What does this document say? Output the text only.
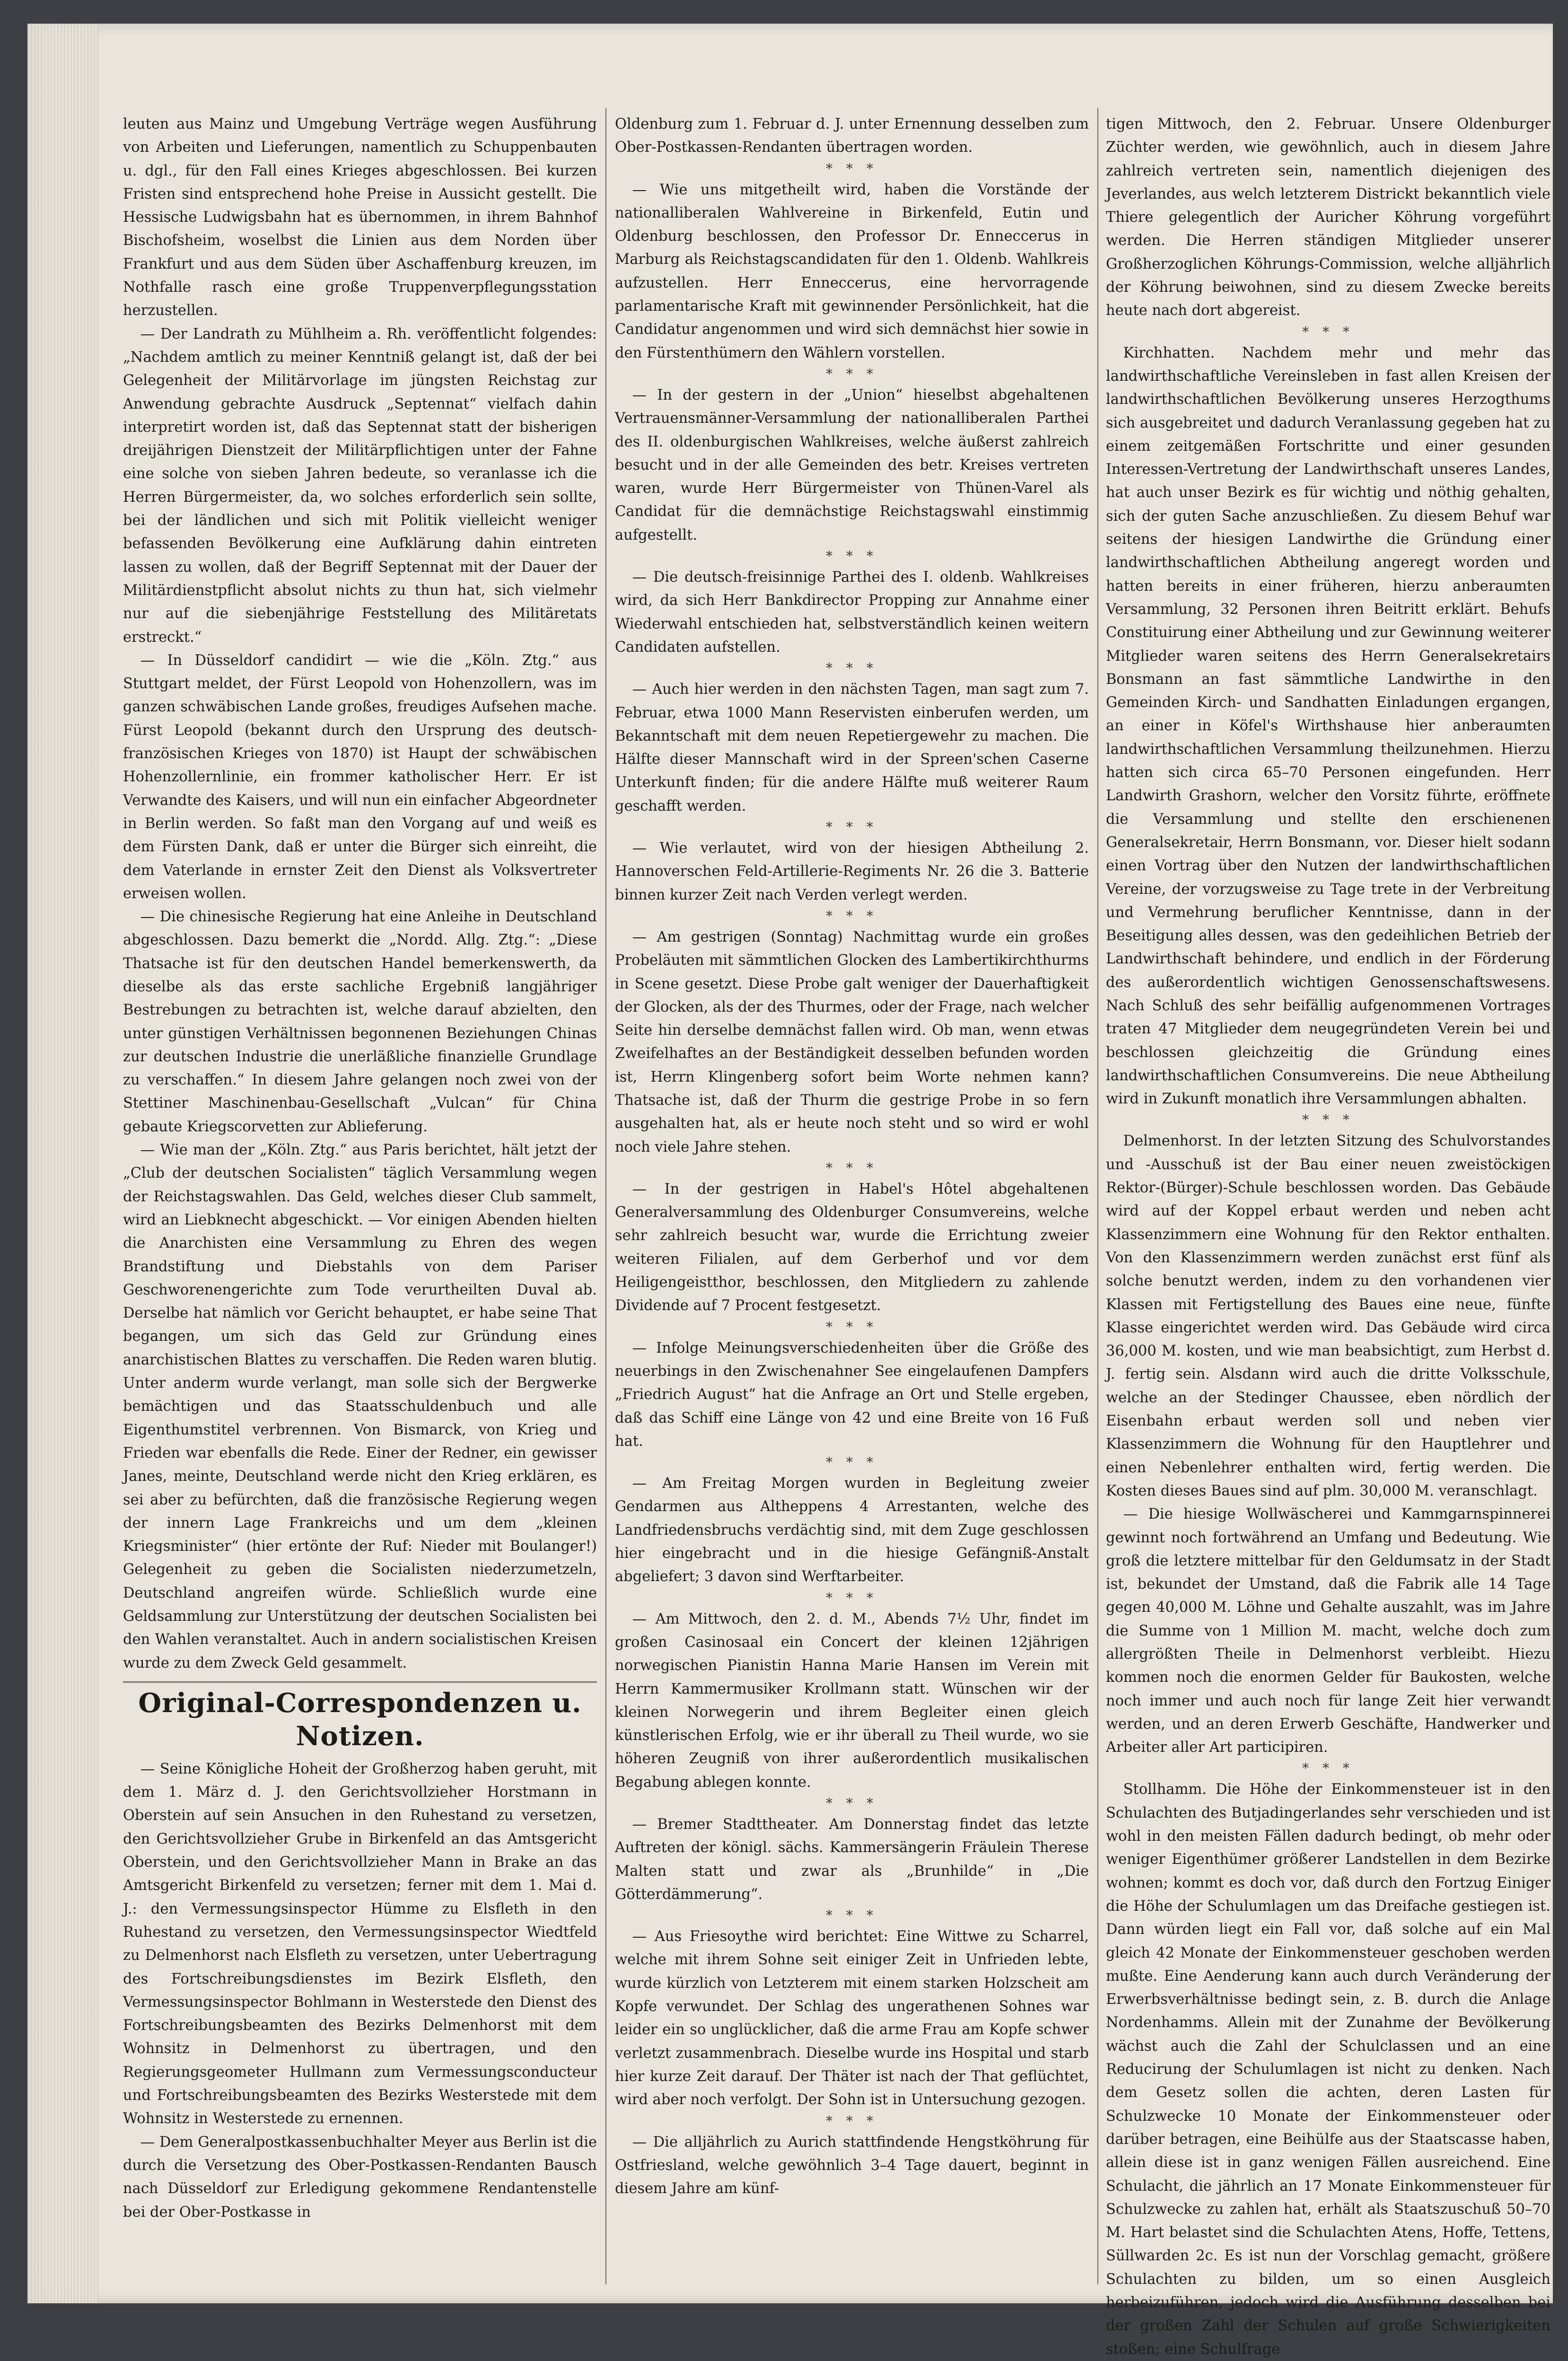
leuten aus Mainz und Umgebung Verträge wegen Ausführung von Arbeiten und Lieferungen, namentlich zu Schuppenbauten u. dgl., für den Fall eines Krieges abgeschlossen. Bei kurzen Fristen sind entsprechend hohe Preise in Aussicht gestellt. Die Hessische Ludwigsbahn hat es übernommen, in ihrem Bahnhof Bischofsheim, woselbst die Linien aus dem Norden über Frankfurt und aus dem Süden über Aschaffenburg kreuzen, im Nothfalle rasch eine große Truppenverpflegungsstation herzustellen.

— Der Landrath zu Mühlheim a. Rh. veröffentlicht folgendes: „Nachdem amtlich zu meiner Kenntniß gelangt ist, daß der bei Gelegenheit der Militärvorlage im jüngsten Reichstag zur Anwendung gebrachte Ausdruck „Septennat“ vielfach dahin interpretirt worden ist, daß das Septennat statt der bisherigen dreijährigen Dienstzeit der Militärpflichtigen unter der Fahne eine solche von sieben Jahren bedeute, so veranlasse ich die Herren Bürgermeister, da, wo solches erforderlich sein sollte, bei der ländlichen und sich mit Politik vielleicht weniger befassenden Bevölkerung eine Aufklärung dahin eintreten lassen zu wollen, daß der Begriff Septennat mit der Dauer der Militärdienstpflicht absolut nichts zu thun hat, sich vielmehr nur auf die siebenjährige Feststellung des Militäretats erstreckt.“

— In Düsseldorf candidirt — wie die „Köln. Ztg.“ aus Stuttgart meldet, der Fürst Leopold von Hohenzollern, was im ganzen schwäbischen Lande großes, freudiges Aufsehen mache. Fürst Leopold (bekannt durch den Ursprung des deutsch-französischen Krieges von 1870) ist Haupt der schwäbischen Hohenzollernlinie, ein frommer katholischer Herr. Er ist Verwandte des Kaisers, und will nun ein einfacher Abgeordneter in Berlin werden. So faßt man den Vorgang auf und weiß es dem Fürsten Dank, daß er unter die Bürger sich einreiht, die dem Vaterlande in ernster Zeit den Dienst als Volksvertreter erweisen wollen.

— Die chinesische Regierung hat eine Anleihe in Deutschland abgeschlossen. Dazu bemerkt die „Nordd. Allg. Ztg.“: „Diese Thatsache ist für den deutschen Handel bemerkenswerth, da dieselbe als das erste sachliche Ergebniß langjähriger Bestrebungen zu betrachten ist, welche darauf abzielten, den unter günstigen Verhältnissen begonnenen Beziehungen Chinas zur deutschen Industrie die unerläßliche finanzielle Grundlage zu verschaffen.“ In diesem Jahre gelangen noch zwei von der Stettiner Maschinenbau-Gesellschaft „Vulcan“ für China gebaute Kriegscorvetten zur Ablieferung.

— Wie man der „Köln. Ztg.“ aus Paris berichtet, hält jetzt der „Club der deutschen Socialisten“ täglich Versammlung wegen der Reichstagswahlen. Das Geld, welches dieser Club sammelt, wird an Liebknecht abgeschickt. — Vor einigen Abenden hielten die Anarchisten eine Versammlung zu Ehren des wegen Brandstiftung und Diebstahls von dem Pariser Geschworenengerichte zum Tode verurtheilten Duval ab. Derselbe hat nämlich vor Gericht behauptet, er habe seine That begangen, um sich das Geld zur Gründung eines anarchistischen Blattes zu verschaffen. Die Reden waren blutig. Unter anderm wurde verlangt, man solle sich der Bergwerke bemächtigen und das Staatsschuldenbuch und alle Eigenthumstitel verbrennen. Von Bismarck, von Krieg und Frieden war ebenfalls die Rede. Einer der Redner, ein gewisser Janes, meinte, Deutschland werde nicht den Krieg erklären, es sei aber zu befürchten, daß die französische Regierung wegen der innern Lage Frankreichs und um dem „kleinen Kriegsminister“ (hier ertönte der Ruf: Nieder mit Boulanger!) Gelegenheit zu geben die Socialisten niederzumetzeln, Deutschland angreifen würde. Schließlich wurde eine Geldsammlung zur Unterstützung der deutschen Socialisten bei den Wahlen veranstaltet. Auch in andern socialistischen Kreisen wurde zu dem Zweck Geld gesammelt.

Original-Correspondenzen u. Notizen.

— Seine Königliche Hoheit der Großherzog haben geruht, mit dem 1. März d. J. den Gerichtsvollzieher Horstmann in Oberstein auf sein Ansuchen in den Ruhestand zu versetzen, den Gerichtsvollzieher Grube in Birkenfeld an das Amtsgericht Oberstein, und den Gerichtsvollzieher Mann in Brake an das Amtsgericht Birkenfeld zu versetzen; ferner mit dem 1. Mai d. J.: den Vermessungsinspector Hümme zu Elsfleth in den Ruhestand zu versetzen, den Vermessungsinspector Wiedtfeld zu Delmenhorst nach Elsfleth zu versetzen, unter Uebertragung des Fortschreibungsdienstes im Bezirk Elsfleth, den Vermessungsinspector Bohlmann in Westerstede den Dienst des Fortschreibungsbeamten des Bezirks Delmenhorst mit dem Wohnsitz in Delmenhorst zu übertragen, und den Regierungsgeometer Hullmann zum Vermessungsconducteur und Fortschreibungsbeamten des Bezirks Westerstede mit dem Wohnsitz in Westerstede zu ernennen.

— Dem Generalpostkassenbuchhalter Meyer aus Berlin ist die durch die Versetzung des Ober-Postkassen-Rendanten Bausch nach Düsseldorf zur Erledigung gekommene Rendantenstelle bei der Ober-Postkasse in

Oldenburg zum 1. Februar d. J. unter Ernennung desselben zum Ober-Postkassen-Rendanten übertragen worden.

* * *

— Wie uns mitgetheilt wird, haben die Vorstände der nationalliberalen Wahlvereine in Birkenfeld, Eutin und Oldenburg beschlossen, den Professor Dr. Enneccerus in Marburg als Reichstagscandidaten für den 1. Oldenb. Wahlkreis aufzustellen. Herr Enneccerus, eine hervorragende parlamentarische Kraft mit gewinnender Persönlichkeit, hat die Candidatur angenommen und wird sich demnächst hier sowie in den Fürstenthümern den Wählern vorstellen.

* * *

— In der gestern in der „Union“ hieselbst abgehaltenen Vertrauensmänner-Versammlung der nationalliberalen Parthei des II. oldenburgischen Wahlkreises, welche äußerst zahlreich besucht und in der alle Gemeinden des betr. Kreises vertreten waren, wurde Herr Bürgermeister von Thünen-Varel als Candidat für die demnächstige Reichstagswahl einstimmig aufgestellt.

* * *

— Die deutsch-freisinnige Parthei des I. oldenb. Wahlkreises wird, da sich Herr Bankdirector Propping zur Annahme einer Wiederwahl entschieden hat, selbstverständlich keinen weitern Candidaten aufstellen.

* * *

— Auch hier werden in den nächsten Tagen, man sagt zum 7. Februar, etwa 1000 Mann Reservisten einberufen werden, um Bekanntschaft mit dem neuen Repetiergewehr zu machen. Die Hälfte dieser Mannschaft wird in der Spreen'schen Caserne Unterkunft finden; für die andere Hälfte muß weiterer Raum geschafft werden.

* * *

— Wie verlautet, wird von der hiesigen Abtheilung 2. Hannoverschen Feld-Artillerie-Regiments Nr. 26 die 3. Batterie binnen kurzer Zeit nach Verden verlegt werden.

* * *

— Am gestrigen (Sonntag) Nachmittag wurde ein großes Probeläuten mit sämmtlichen Glocken des Lambertikirchthurms in Scene gesetzt. Diese Probe galt weniger der Dauerhaftigkeit der Glocken, als der des Thurmes, oder der Frage, nach welcher Seite hin derselbe demnächst fallen wird. Ob man, wenn etwas Zweifelhaftes an der Beständigkeit desselben befunden worden ist, Herrn Klingenberg sofort beim Worte nehmen kann? Thatsache ist, daß der Thurm die gestrige Probe in so fern ausgehalten hat, als er heute noch steht und so wird er wohl noch viele Jahre stehen.

* * *

— In der gestrigen in Habel's Hôtel abgehaltenen Generalversammlung des Oldenburger Consumvereins, welche sehr zahlreich besucht war, wurde die Errichtung zweier weiteren Filialen, auf dem Gerberhof und vor dem Heiligengeistthor, beschlossen, den Mitgliedern zu zahlende Dividende auf 7 Procent festgesetzt.

* * *

— Infolge Meinungsverschiedenheiten über die Größe des neuerbings in den Zwischenahner See eingelaufenen Dampfers „Friedrich August“ hat die Anfrage an Ort und Stelle ergeben, daß das Schiff eine Länge von 42 und eine Breite von 16 Fuß hat.

* * *

— Am Freitag Morgen wurden in Begleitung zweier Gendarmen aus Altheppens 4 Arrestanten, welche des Landfriedensbruchs verdächtig sind, mit dem Zuge geschlossen hier eingebracht und in die hiesige Gefängniß-Anstalt abgeliefert; 3 davon sind Werftarbeiter.

* * *

— Am Mittwoch, den 2. d. M., Abends 7½ Uhr, findet im großen Casinosaal ein Concert der kleinen 12jährigen norwegischen Pianistin Hanna Marie Hansen im Verein mit Herrn Kammermusiker Krollmann statt. Wünschen wir der kleinen Norwegerin und ihrem Begleiter einen gleich künstlerischen Erfolg, wie er ihr überall zu Theil wurde, wo sie höheren Zeugniß von ihrer außerordentlich musikalischen Begabung ablegen konnte.

* * *

— Bremer Stadttheater. Am Donnerstag findet das letzte Auftreten der königl. sächs. Kammersängerin Fräulein Therese Malten statt und zwar als „Brunhilde“ in „Die Götterdämmerung“.

* * *

— Aus Friesoythe wird berichtet: Eine Wittwe zu Scharrel, welche mit ihrem Sohne seit einiger Zeit in Unfrieden lebte, wurde kürzlich von Letzterem mit einem starken Holzscheit am Kopfe verwundet. Der Schlag des ungerathenen Sohnes war leider ein so unglücklicher, daß die arme Frau am Kopfe schwer verletzt zusammenbrach. Dieselbe wurde ins Hospital und starb hier kurze Zeit darauf. Der Thäter ist nach der That geflüchtet, wird aber noch verfolgt. Der Sohn ist in Untersuchung gezogen.

* * *

— Die alljährlich zu Aurich stattfindende Hengstköhrung für Ostfriesland, welche gewöhnlich 3–4 Tage dauert, beginnt in diesem Jahre am künf-

tigen Mittwoch, den 2. Februar. Unsere Oldenburger Züchter werden, wie gewöhnlich, auch in diesem Jahre zahlreich vertreten sein, namentlich diejenigen des Jeverlandes, aus welch letzterem Districkt bekanntlich viele Thiere gelegentlich der Auricher Köhrung vorgeführt werden. Die Herren ständigen Mitglieder unserer Großherzoglichen Köhrungs-Commission, welche alljährlich der Köhrung beiwohnen, sind zu diesem Zwecke bereits heute nach dort abgereist.

* * *

Kirchhatten. Nachdem mehr und mehr das landwirthschaftliche Vereinsleben in fast allen Kreisen der landwirthschaftlichen Bevölkerung unseres Herzogthums sich ausgebreitet und dadurch Veranlassung gegeben hat zu einem zeitgemäßen Fortschritte und einer gesunden Interessen-Vertretung der Landwirthschaft unseres Landes, hat auch unser Bezirk es für wichtig und nöthig gehalten, sich der guten Sache anzuschließen. Zu diesem Behuf war seitens der hiesigen Landwirthe die Gründung einer landwirthschaftlichen Abtheilung angeregt worden und hatten bereits in einer früheren, hierzu anberaumten Versammlung, 32 Personen ihren Beitritt erklärt. Behufs Constituirung einer Abtheilung und zur Gewinnung weiterer Mitglieder waren seitens des Herrn Generalsekretairs Bonsmann an fast sämmtliche Landwirthe in den Gemeinden Kirch- und Sandhatten Einladungen ergangen, an einer in Köfel's Wirthshause hier anberaumten landwirthschaftlichen Versammlung theilzunehmen. Hierzu hatten sich circa 65–70 Personen eingefunden. Herr Landwirth Grashorn, welcher den Vorsitz führte, eröffnete die Versammlung und stellte den erschienenen Generalsekretair, Herrn Bonsmann, vor. Dieser hielt sodann einen Vortrag über den Nutzen der landwirthschaftlichen Vereine, der vorzugsweise zu Tage trete in der Verbreitung und Vermehrung beruflicher Kenntnisse, dann in der Beseitigung alles dessen, was den gedeihlichen Betrieb der Landwirthschaft behindere, und endlich in der Förderung des außerordentlich wichtigen Genossenschaftswesens. Nach Schluß des sehr beifällig aufgenommenen Vortrages traten 47 Mitglieder dem neugegründeten Verein bei und beschlossen gleichzeitig die Gründung eines landwirthschaftlichen Consumvereins. Die neue Abtheilung wird in Zukunft monatlich ihre Versammlungen abhalten.

* * *

Delmenhorst. In der letzten Sitzung des Schulvorstandes und -Ausschuß ist der Bau einer neuen zweistöckigen Rektor-(Bürger)-Schule beschlossen worden. Das Gebäude wird auf der Koppel erbaut werden und neben acht Klassenzimmern eine Wohnung für den Rektor enthalten. Von den Klassenzimmern werden zunächst erst fünf als solche benutzt werden, indem zu den vorhandenen vier Klassen mit Fertigstellung des Baues eine neue, fünfte Klasse eingerichtet werden wird. Das Gebäude wird circa 36,000 M. kosten, und wie man beabsichtigt, zum Herbst d. J. fertig sein. Alsdann wird auch die dritte Volksschule, welche an der Stedinger Chaussee, eben nördlich der Eisenbahn erbaut werden soll und neben vier Klassenzimmern die Wohnung für den Hauptlehrer und einen Nebenlehrer enthalten wird, fertig werden. Die Kosten dieses Baues sind auf plm. 30,000 M. veranschlagt.

— Die hiesige Wollwäscherei und Kammgarnspinnerei gewinnt noch fortwährend an Umfang und Bedeutung. Wie groß die letztere mittelbar für den Geldumsatz in der Stadt ist, bekundet der Umstand, daß die Fabrik alle 14 Tage gegen 40,000 M. Löhne und Gehalte auszahlt, was im Jahre die Summe von 1 Million M. macht, welche doch zum allergrößten Theile in Delmenhorst verbleibt. Hiezu kommen noch die enormen Gelder für Baukosten, welche noch immer und auch noch für lange Zeit hier verwandt werden, und an deren Erwerb Geschäfte, Handwerker und Arbeiter aller Art participiren.

* * *

Stollhamm. Die Höhe der Einkommensteuer ist in den Schulachten des Butjadingerlandes sehr verschieden und ist wohl in den meisten Fällen dadurch bedingt, ob mehr oder weniger Eigenthümer größerer Landstellen in dem Bezirke wohnen; kommt es doch vor, daß durch den Fortzug Einiger die Höhe der Schulumlagen um das Dreifache gestiegen ist. Dann würden liegt ein Fall vor, daß solche auf ein Mal gleich 42 Monate der Einkommensteuer geschoben werden mußte. Eine Aenderung kann auch durch Veränderung der Erwerbsverhältnisse bedingt sein, z. B. durch die Anlage Nordenhamms. Allein mit der Zunahme der Bevölkerung wächst auch die Zahl der Schulclassen und an eine Reducirung der Schulumlagen ist nicht zu denken. Nach dem Gesetz sollen die achten, deren Lasten für Schulzwecke 10 Monate der Einkommensteuer oder darüber betragen, eine Beihülfe aus der Staatscasse haben, allein diese ist in ganz wenigen Fällen ausreichend. Eine Schulacht, die jährlich an 17 Monate Einkommensteuer für Schulzwecke zu zahlen hat, erhält als Staatszuschuß 50–70 M. Hart belastet sind die Schulachten Atens, Hoffe, Tettens, Süllwarden 2c. Es ist nun der Vorschlag gemacht, größere Schulachten zu bilden, um so einen Ausgleich herbeizuführen, jedoch wird die Ausführung desselben bei der großen Zahl der Schulen auf große Schwierigkeiten stoßen; eine Schulfrage
